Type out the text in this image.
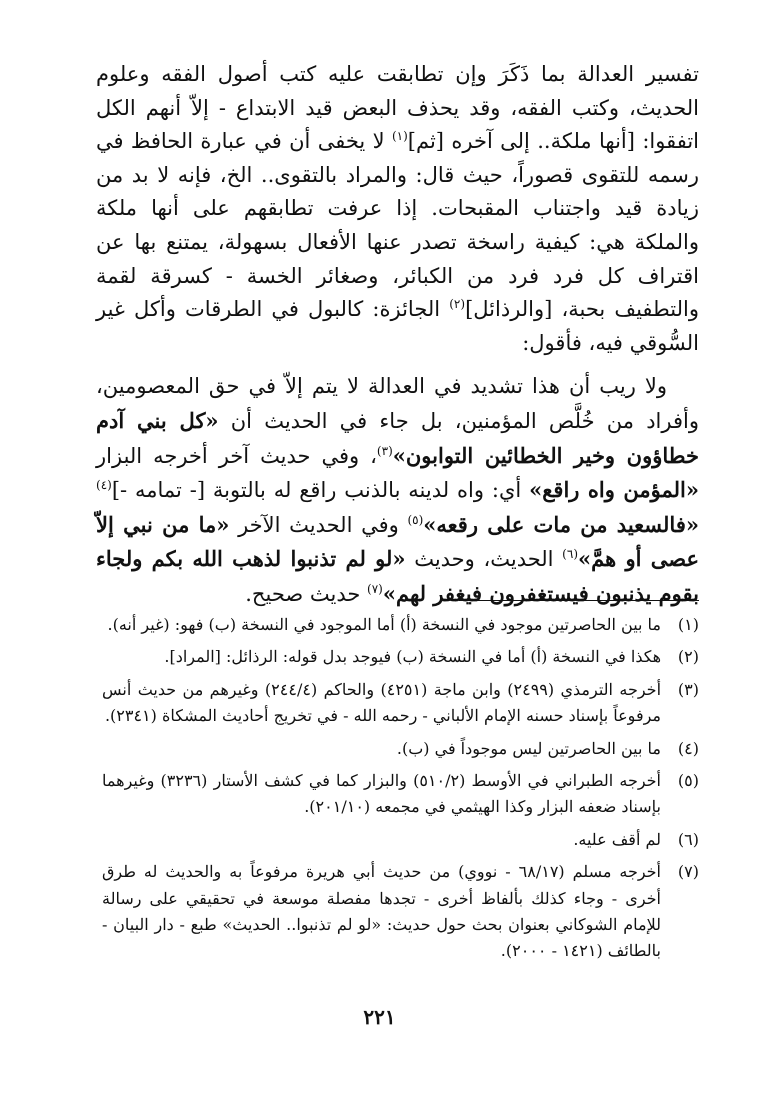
تفسير العدالة بما ذَكَرَ وإن تطابقت عليه كتب أصول الفقه وعلوم الحديث، وكتب الفقه، وقد يحذف البعض قيد الابتداع - إلاّ أنهم الكل اتفقوا: [أنها ملكة.. إلى آخره [ثم]$^{(١)}$ لا يخفى أن في عبارة الحافظ في رسمه للتقوى قصوراً، حيث قال: والمراد بالتقوى.. الخ، فإنه لا بد من زيادة قيد واجتناب المقبحات. إذا عرفت تطابقهم على أنها ملكة والملكة هي: كيفية راسخة تصدر عنها الأفعال بسهولة، يمتنع بها عن اقتراف كل فرد فرد من الكبائر، وصغائر الخسة - كسرقة لقمة والتطفيف بحبة، [والرذائل]$^{(٢)}$ الجائزة: كالبول في الطرقات وأكل غير السُّوقي فيه، فأقول:

ولا ريب أن هذا تشديد في العدالة لا يتم إلاّ في حق المعصومين، وأفراد من خُلَّص المؤمنين، بل جاء في الحديث أن «كل بني آدم خطاؤون وخير الخطائين التوابون»$^{(٣)}$، وفي حديث آخر أخرجه البزار «المؤمن واه راقع» أي: واه لدينه بالذنب راقع له بالتوبة [- تمامه -]$^{(٤)}$ «فالسعيد من مات على رقعه»$^{(٥)}$ وفي الحديث الآخر «ما من نبي إلاّ عصى أو همَّ»$^{(٦)}$ الحديث، وحديث «لو لم تذنبوا لذهب الله بكم ولجاء بقوم يذنبون فيستغفرون فيغفر لهم»$^{(٧)}$ حديث صحيح.

(١)
ما بين الحاصرتين موجود في النسخة (أ) أما الموجود في النسخة (ب) فهو: (غير أنه).
(٢)
هكذا في النسخة (أ) أما في النسخة (ب) فيوجد بدل قوله: الرذائل: [المراد].
(٣)
أخرجه الترمذي (٢٤٩٩) وابن ماجة (٤٢٥١) والحاكم (٢٤٤/٤) وغيرهم من حديث أنس مرفوعاً بإسناد حسنه الإمام الألباني - رحمه الله - في تخريج أحاديث المشكاة (٢٣٤١).
(٤)
ما بين الحاصرتين ليس موجوداً في (ب).
(٥)
أخرجه الطبراني في الأوسط (٥١٠/٢) والبزار كما في كشف الأستار (٣٢٣٦) وغيرهما بإسناد ضعفه البزار وكذا الهيثمي في مجمعه (٢٠١/١٠).
(٦)
لم أقف عليه.
(٧)
أخرجه مسلم (٦٨/١٧ - نووي) من حديث أبي هريرة مرفوعاً به والحديث له طرق أخرى - وجاء كذلك بألفاظ أخرى - تجدها مفصلة موسعة في تحقيقي على رسالة للإمام الشوكاني بعنوان بحث حول حديث: «لو لم تذنبوا.. الحديث» طبع - دار البيان - بالطائف (١٤٢١ - ٢٠٠٠).
٢٢١
